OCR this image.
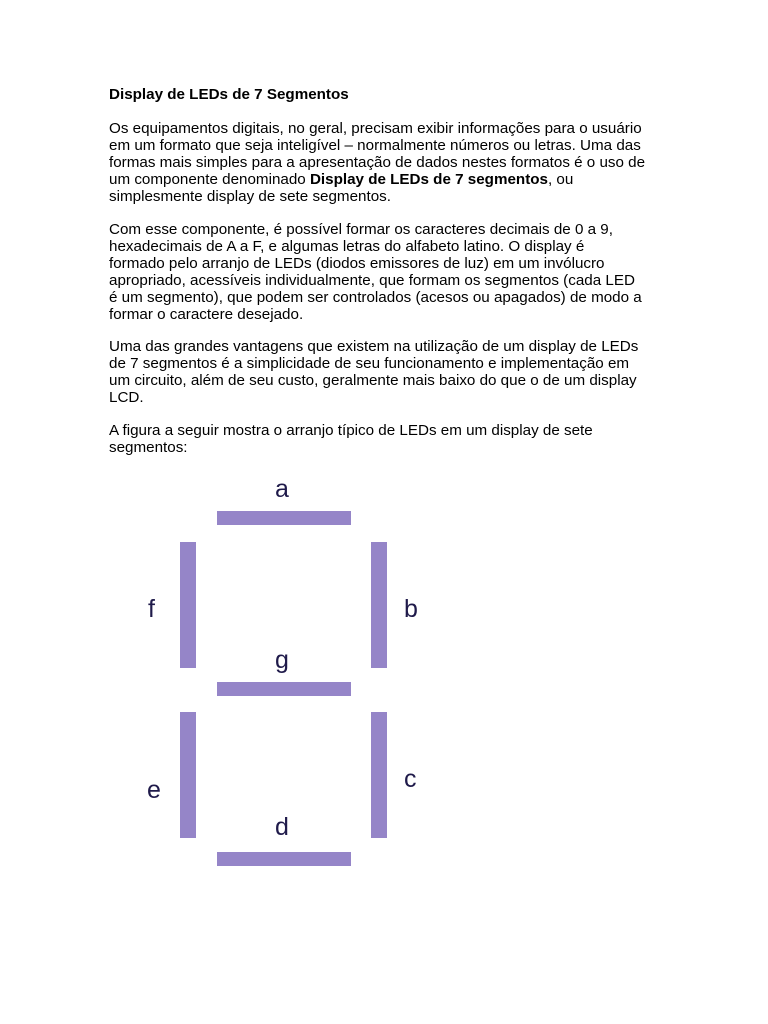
Display de LEDs de 7 Segmentos

Os equipamentos digitais, no geral, precisam exibir informações para o usuário
em um formato que seja inteligível – normalmente números ou letras. Uma das
formas mais simples para a apresentação de dados nestes formatos é o uso de
um componente denominado Display de LEDs de 7 segmentos, ou
simplesmente display de sete segmentos.

Com esse componente, é possível formar os caracteres decimais de 0 a 9,
hexadecimais de A a F, e algumas letras do alfabeto latino. O display é
formado pelo arranjo de LEDs (diodos emissores de luz) em um invólucro
apropriado, acessíveis individualmente, que formam os segmentos (cada LED
é um segmento), que podem ser controlados (acesos ou apagados) de modo a
formar o caractere desejado.

Uma das grandes vantagens que existem na utilização de um display de LEDs
de 7 segmentos é a simplicidade de seu funcionamento e implementação em
um circuito, além de seu custo, geralmente mais baixo do que o de um display
LCD.

A figura a seguir mostra o arranjo típico de LEDs em um display de sete
segmentos:

a
b
c
d
e
f
g
